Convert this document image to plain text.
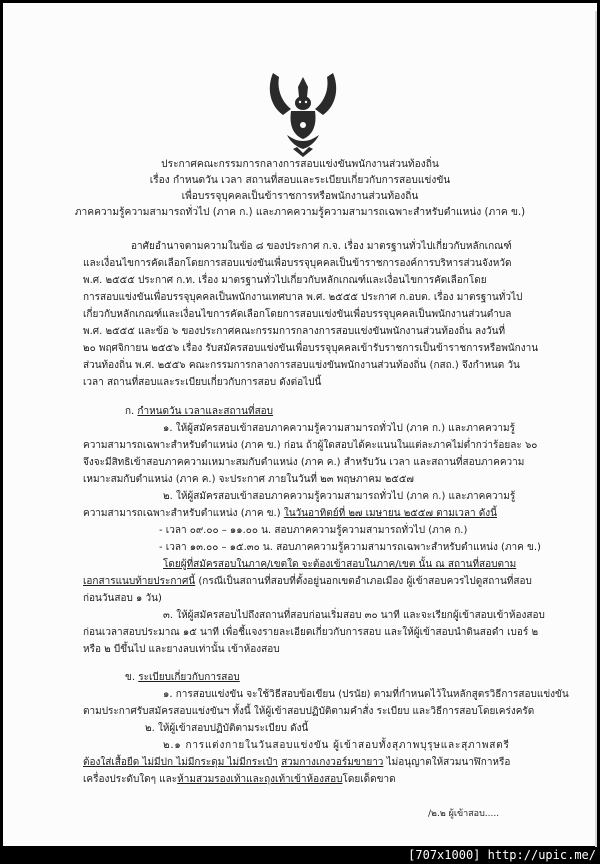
ประกาศคณะกรรมการกลางการสอบแข่งขันพนักงานส่วนท้องถิ่น
เรื่อง กำหนดวัน เวลา สถานที่สอบและระเบียบเกี่ยวกับการสอบแข่งขัน
เพื่อบรรจุบุคคลเป็นข้าราชการหรือพนักงานส่วนท้องถิ่น
ภาคความรู้ความสามารถทั่วไป (ภาค ก.) และภาคความรู้ความสามารถเฉพาะสำหรับตำแหน่ง (ภาค ข.)
อาศัยอำนาจตามความในข้อ ๘ ของประกาศ ก.จ. เรื่อง มาตรฐานทั่วไปเกี่ยวกับหลักเกณฑ์
และเงื่อนไขการคัดเลือกโดยการสอบแข่งขันเพื่อบรรจุบุคคลเป็นข้าราชการองค์การบริหารส่วนจังหวัด
พ.ศ. ๒๕๕๕ ประกาศ ก.ท. เรื่อง มาตรฐานทั่วไปเกี่ยวกับหลักเกณฑ์และเงื่อนไขการคัดเลือกโดย
การสอบแข่งขันเพื่อบรรจุบุคคลเป็นพนักงานเทศบาล พ.ศ. ๒๕๕๕ ประกาศ ก.อบต. เรื่อง มาตรฐานทั่วไป
เกี่ยวกับหลักเกณฑ์และเงื่อนไขการคัดเลือกโดยการสอบแข่งขันเพื่อบรรจุบุคคลเป็นพนักงานส่วนตำบล
พ.ศ. ๒๕๕๕ และข้อ ๖ ของประกาศคณะกรรมการกลางการสอบแข่งขันพนักงานส่วนท้องถิ่น ลงวันที่
๒๐ พฤศจิกายน ๒๕๕๖ เรื่อง รับสมัครสอบแข่งขันเพื่อบรรจุบุคคลเข้ารับราชการเป็นข้าราชการหรือพนักงาน
ส่วนท้องถิ่น พ.ศ. ๒๕๕๖ คณะกรรมการกลางการสอบแข่งขันพนักงานส่วนท้องถิ่น (กสถ.) จึงกำหนด วัน
เวลา สถานที่สอบและระเบียบเกี่ยวกับการสอบ ดังต่อไปนี้
ก. กำหนดวัน เวลาและสถานที่สอบ
๑. ให้ผู้สมัครสอบเข้าสอบภาคความรู้ความสามารถทั่วไป (ภาค ก.) และภาคความรู้
ความสามารถเฉพาะสำหรับตำแหน่ง (ภาค ข.) ก่อน ถ้าผู้ใดสอบได้คะแนนในแต่ละภาคไม่ต่ำกว่าร้อยละ ๖๐
จึงจะมีสิทธิเข้าสอบภาคความเหมาะสมกับตำแหน่ง (ภาค ค.) สำหรับวัน เวลา และสถานที่สอบภาคความ
เหมาะสมกับตำแหน่ง (ภาค ค.) จะประกาศ ภายในวันที่ ๒๓ พฤษภาคม ๒๕๕๗
๒. ให้ผู้สมัครสอบเข้าสอบภาคความรู้ความสามารถทั่วไป (ภาค ก.) และภาคความรู้
ความสามารถเฉพาะสำหรับตำแหน่ง (ภาค ข.) ในวันอาทิตย์ที่ ๒๗ เมษายน ๒๕๕๗ ตามเวลา ดังนี้
- เวลา ๐๙.๐๐ – ๑๑.๐๐ น. สอบภาคความรู้ความสามารถทั่วไป (ภาค ก.)
- เวลา ๑๓.๐๐ – ๑๕.๓๐ น. สอบภาคความรู้ความสามารถเฉพาะสำหรับตำแหน่ง (ภาค ข.)
โดยผู้ที่สมัครสอบในภาค/เขตใด จะต้องเข้าสอบในภาค/เขต นั้น ณ สถานที่สอบตาม
เอกสารแนบท้ายประกาศนี้ (กรณีเป็นสถานที่สอบที่ตั้งอยู่นอกเขตอำเภอเมือง ผู้เข้าสอบควรไปดูสถานที่สอบ
ก่อนวันสอบ ๑ วัน)
๓. ให้ผู้สมัครสอบไปถึงสถานที่สอบก่อนเริ่มสอบ ๓๐ นาที และจะเรียกผู้เข้าสอบเข้าห้องสอบ
ก่อนเวลาสอบประมาณ ๑๕ นาที เพื่อชี้แจงรายละเอียดเกี่ยวกับการสอบ และให้ผู้เข้าสอบนำดินสอดำ เบอร์ ๒
หรือ ๒ บีขึ้นไป และยางลบเท่านั้น เข้าห้องสอบ
ข. ระเบียบเกี่ยวกับการสอบ
๑. การสอบแข่งขัน จะใช้วิธีสอบข้อเขียน (ปรนัย) ตามที่กำหนดไว้ในหลักสูตรวิธีการสอบแข่งขัน
ตามประกาศรับสมัครสอบแข่งขันฯ ทั้งนี้ ให้ผู้เข้าสอบปฏิบัติตามคำสั่ง ระเบียบ และวิธีการสอบโดยเคร่งครัด
๒. ให้ผู้เข้าสอบปฏิบัติตามระเบียบ ดังนี้
๒.๑ การแต่งกายในวันสอบแข่งขัน ผู้เข้าสอบทั้งสุภาพบุรุษและสุภาพสตรี
ต้องใส่เสื้อยืด ไม่มีปก ไม่มีกระดุม ไม่มีกระเป๋า สวมกางเกงวอร์มขายาว ไม่อนุญาตให้สวมนาฬิกาหรือ
เครื่องประดับใดๆ และห้ามสวมรองเท้าและถุงเท้าเข้าห้องสอบโดยเด็ดขาด
/๒.๒ ผู้เข้าสอบ.....
[707x1000] http://upic.me/
